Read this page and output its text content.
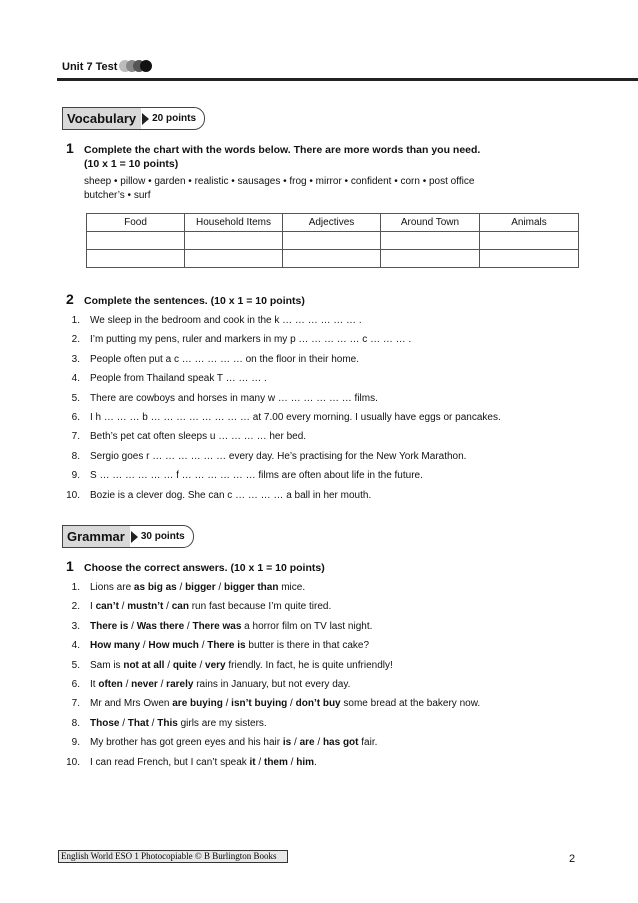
Unit 7 Test
Vocabulary	20 points
1 Complete the chart with the words below. There are more words than you need.
(10 x 1 = 10 points)
sheep • pillow • garden • realistic • sausages • frog • mirror • confident • corn • post office
butcher’s • surf
Food	Household Items	Adjectives	Around Town	Animals

2 Complete the sentences. (10 x 1 = 10 points)
1. We sleep in the bedroom and cook in the k … … … … … … .
2. I’m putting my pens, ruler and markers in my p … … … … … c … … … .
3. People often put a c … … … … … on the floor in their home.
4. People from Thailand speak T … … … .
5. There are cowboys and horses in many w … … … … … … films.
6. I h … … … b … … … … … … … … at 7.00 every morning. I usually have eggs or pancakes.
7. Beth’s pet cat often sleeps u … … … … her bed.
8. Sergio goes r … … … … … … every day. He’s practising for the New York Marathon.
9. S … … … … … … f … … … … … … films are often about life in the future.
10. Bozie is a clever dog. She can c … … … … a ball in her mouth.
Grammar	30 points
1 Choose the correct answers. (10 x 1 = 10 points)
1. Lions are as big as / bigger / bigger than mice.
2. I can’t / mustn’t / can run fast because I’m quite tired.
3. There is / Was there / There was a horror film on TV last night.
4. How many / How much / There is butter is there in that cake?
5. Sam is not at all / quite / very friendly. In fact, he is quite unfriendly!
6. It often / never / rarely rains in January, but not every day.
7. Mr and Mrs Owen are buying / isn’t buying / don’t buy some bread at the bakery now.
8. Those / That / This girls are my sisters.
9. My brother has got green eyes and his hair is / are / has got fair.
10. I can read French, but I can’t speak it / them / him.
English World ESO 1 Photocopiable © B Burlington Books	2
